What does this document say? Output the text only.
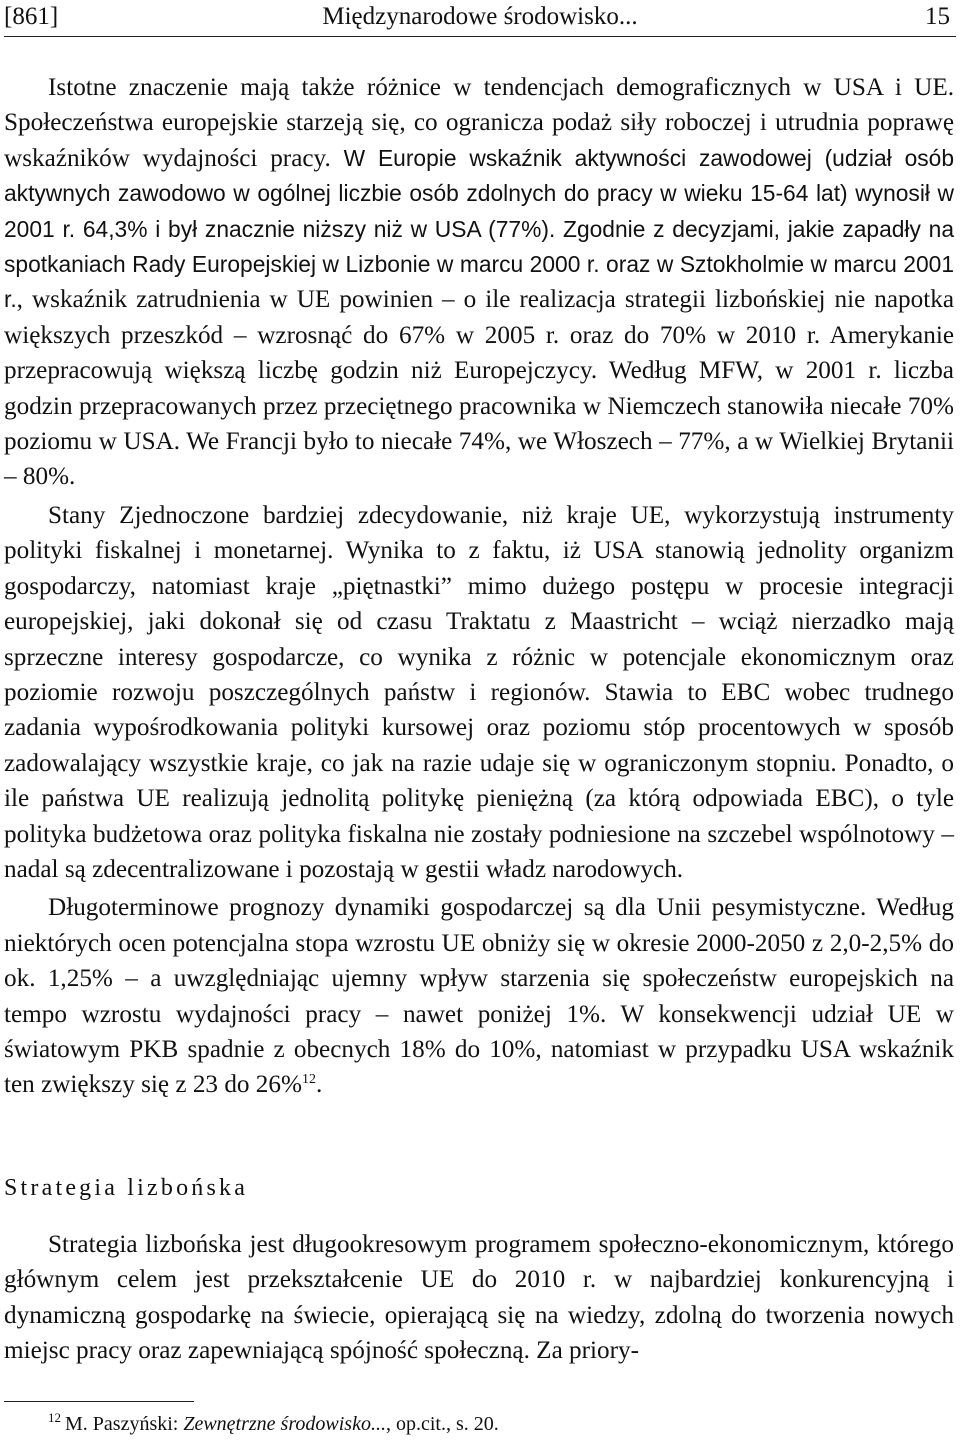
[861]	Międzynarodowe środowisko...	15

Istotne znaczenie mają także różnice w tendencjach demograficznych w USA i UE. Społeczeństwa europejskie starzeją się, co ogranicza podaż siły roboczej i utrudnia poprawę wskaźników wydajności pracy. W Europie wskaźnik aktywności zawodowej (udział osób aktywnych zawodowo w ogólnej liczbie osób zdolnych do pracy w wieku 15-64 lat) wynosił w 2001 r. 64,3% i był znacznie niższy niż w USA (77%). Zgodnie z decyzjami, jakie zapadły na spotkaniach Rady Europejskiej w Lizbonie w marcu 2000 r. oraz w Sztokholmie w marcu 2001 r., wskaźnik zatrudnienia w UE powinien – o ile realizacja strategii lizbońskiej nie napotka większych przeszkód – wzrosnąć do 67% w 2005 r. oraz do 70% w 2010 r. Amerykanie przepracowują większą liczbę godzin niż Europejczycy. Według MFW, w 2001 r. liczba godzin przepracowanych przez przeciętnego pracownika w Niemczech stanowiła niecałe 70% poziomu w USA. We Francji było to niecałe 74%, we Włoszech – 77%, a w Wielkiej Brytanii – 80%.

Stany Zjednoczone bardziej zdecydowanie, niż kraje UE, wykorzystują instrumenty polityki fiskalnej i monetarnej. Wynika to z faktu, iż USA stanowią jednolity organizm gospodarczy, natomiast kraje „piętnastki” mimo dużego postępu w procesie integracji europejskiej, jaki dokonał się od czasu Traktatu z Maastricht – wciąż nierzadko mają sprzeczne interesy gospodarcze, co wynika z różnic w potencjale ekonomicznym oraz poziomie rozwoju poszczególnych państw i regionów. Stawia to EBC wobec trudnego zadania wypośrodkowania polityki kursowej oraz poziomu stóp procentowych w sposób zadowalający wszystkie kraje, co jak na razie udaje się w ograniczonym stopniu. Ponadto, o ile państwa UE realizują jednolitą politykę pieniężną (za którą odpowiada EBC), o tyle polityka budżetowa oraz polityka fiskalna nie zostały podniesione na szczebel wspólnotowy – nadal są zdecentralizowane i pozostają w gestii władz narodowych.

Długoterminowe prognozy dynamiki gospodarczej są dla Unii pesymistyczne. Według niektórych ocen potencjalna stopa wzrostu UE obniży się w okresie 2000-2050 z 2,0-2,5% do ok. 1,25% – a uwzględniając ujemny wpływ starzenia się społeczeństw europejskich na tempo wzrostu wydajności pracy – nawet poniżej 1%. W konsekwencji udział UE w światowym PKB spadnie z obecnych 18% do 10%, natomiast w przypadku USA wskaźnik ten zwiększy się z 23 do 26%$^{12}$.

Strategia lizbońska

Strategia lizbońska jest długookresowym programem społeczno-ekonomicznym, którego głównym celem jest przekształcenie UE do 2010 r. w najbardziej konkurencyjną i dynamiczną gospodarkę na świecie, opierającą się na wiedzy, zdolną do tworzenia nowych miejsc pracy oraz zapewniającą spójność społeczną. Za priory-

$^{12}$ M. Paszyński: Zewnętrzne środowisko..., op.cit., s. 20.
